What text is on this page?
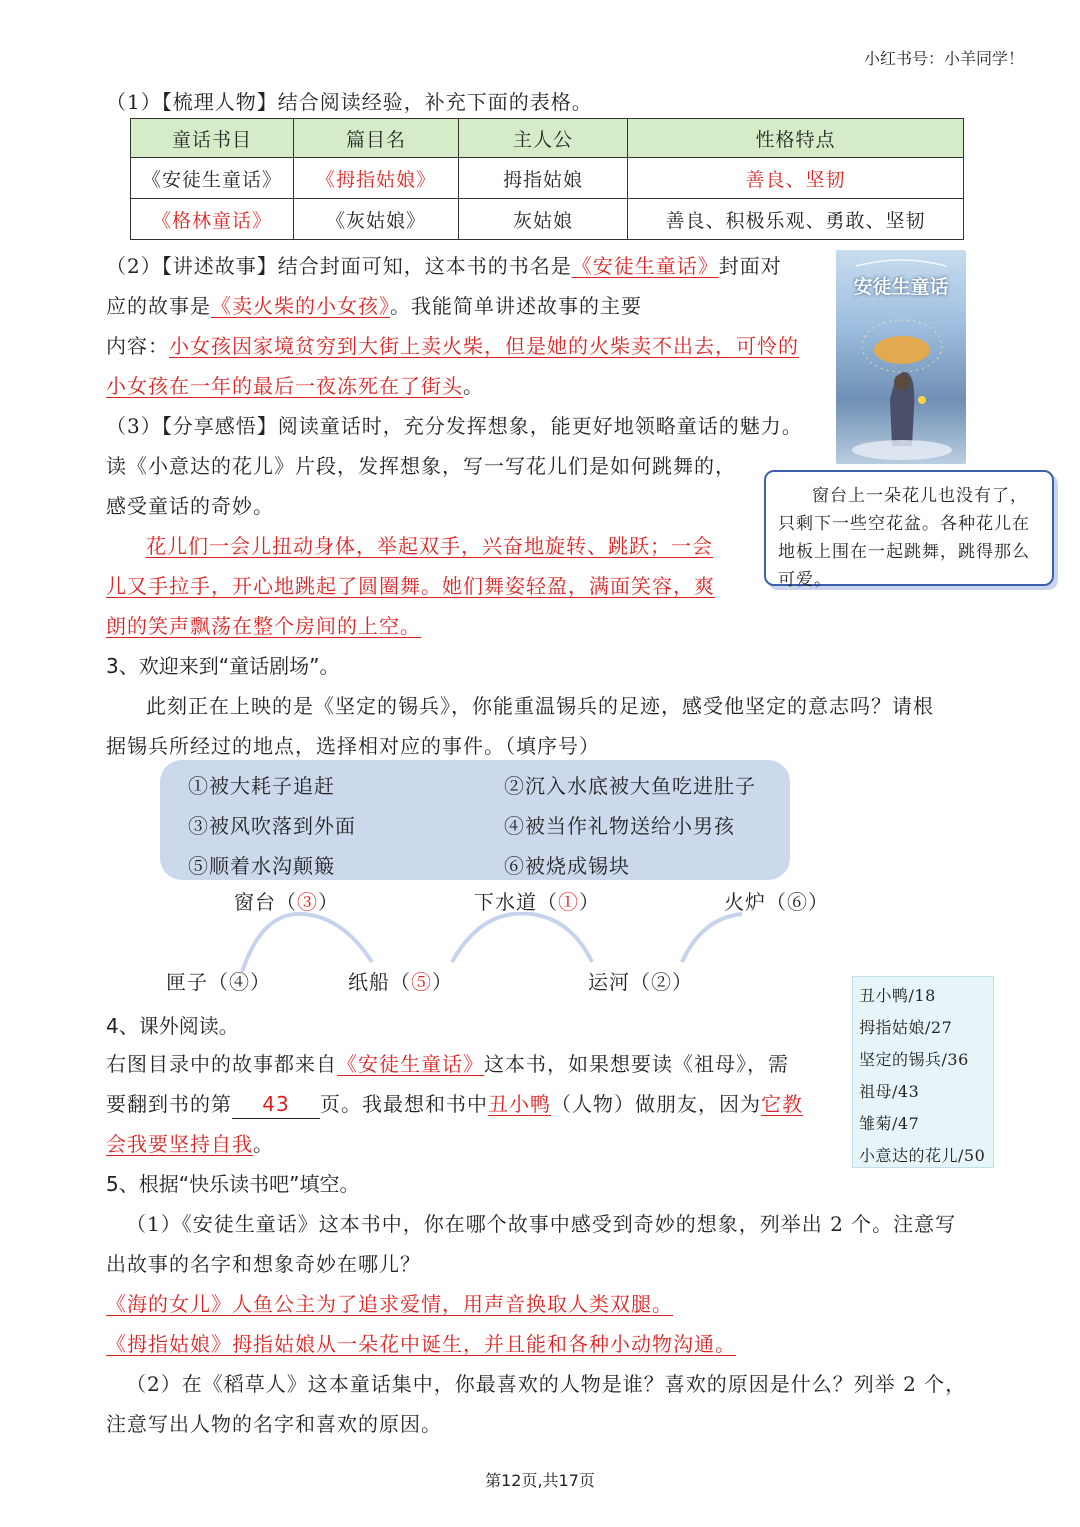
小红书号：小羊同学！
（1）【梳理人物】结合阅读经验，补充下面的表格。
童话书目	篇目名	主人公	性格特点
《安徒生童话》	《拇指姑娘》	拇指姑娘	善良、坚韧
《格林童话》	《灰姑娘》	灰姑娘	善良、积极乐观、勇敢、坚韧
（2）【讲述故事】结合封面可知，这本书的书名是《安徒生童话》封面对
应的故事是《卖火柴的小女孩》。我能简单讲述故事的主要
内容：小女孩因家境贫穷到大街上卖火柴，但是她的火柴卖不出去，可怜的
小女孩在一年的最后一夜冻死在了街头。
安徒生童话
（3）【分享感悟】阅读童话时，充分发挥想象，能更好地领略童话的魅力。
读《小意达的花儿》片段，发挥想象，写一写花儿们是如何跳舞的，
感受童话的奇妙。
花儿们一会儿扭动身体，举起双手，兴奋地旋转、跳跃；一会
儿又手拉手，开心地跳起了圆圈舞。她们舞姿轻盈，满面笑容，爽
朗的笑声飘荡在整个房间的上空。
窗台上一朵花儿也没有了，只剩下一些空花盆。各种花儿在地板上围在一起跳舞，跳得那么可爱。
3、欢迎来到“童话剧场”。
此刻正在上映的是《坚定的锡兵》，你能重温锡兵的足迹，感受他坚定的意志吗？请根
据锡兵所经过的地点，选择相对应的事件。（填序号）
①被大耗子追赶	②沉入水底被大鱼吃进肚子
③被风吹落到外面	④被当作礼物送给小男孩
⑤顺着水沟颠簸	⑥被烧成锡块
窗台（③）	下水道（①）	火炉（⑥）
匣子（④）	纸船（⑤）	运河（②）
4、课外阅读。
右图目录中的故事都来自《安徒生童话》这本书，如果想要读《祖母》，需
要翻到书的第 43 页。我最想和书中丑小鸭（人物）做朋友，因为它教
会我要坚持自我。
丑小鸭/18
拇指姑娘/27
坚定的锡兵/36
祖母/43
雏菊/47
小意达的花儿/50
5、根据“快乐读书吧”填空。
（1）《安徒生童话》这本书中，你在哪个故事中感受到奇妙的想象，列举出 2 个。注意写
出故事的名字和想象奇妙在哪儿？
《海的女儿》人鱼公主为了追求爱情，用声音换取人类双腿。
《拇指姑娘》拇指姑娘从一朵花中诞生，并且能和各种小动物沟通。
（2）在《稻草人》这本童话集中，你最喜欢的人物是谁？喜欢的原因是什么？列举 2 个，
注意写出人物的名字和喜欢的原因。
第12页,共17页
